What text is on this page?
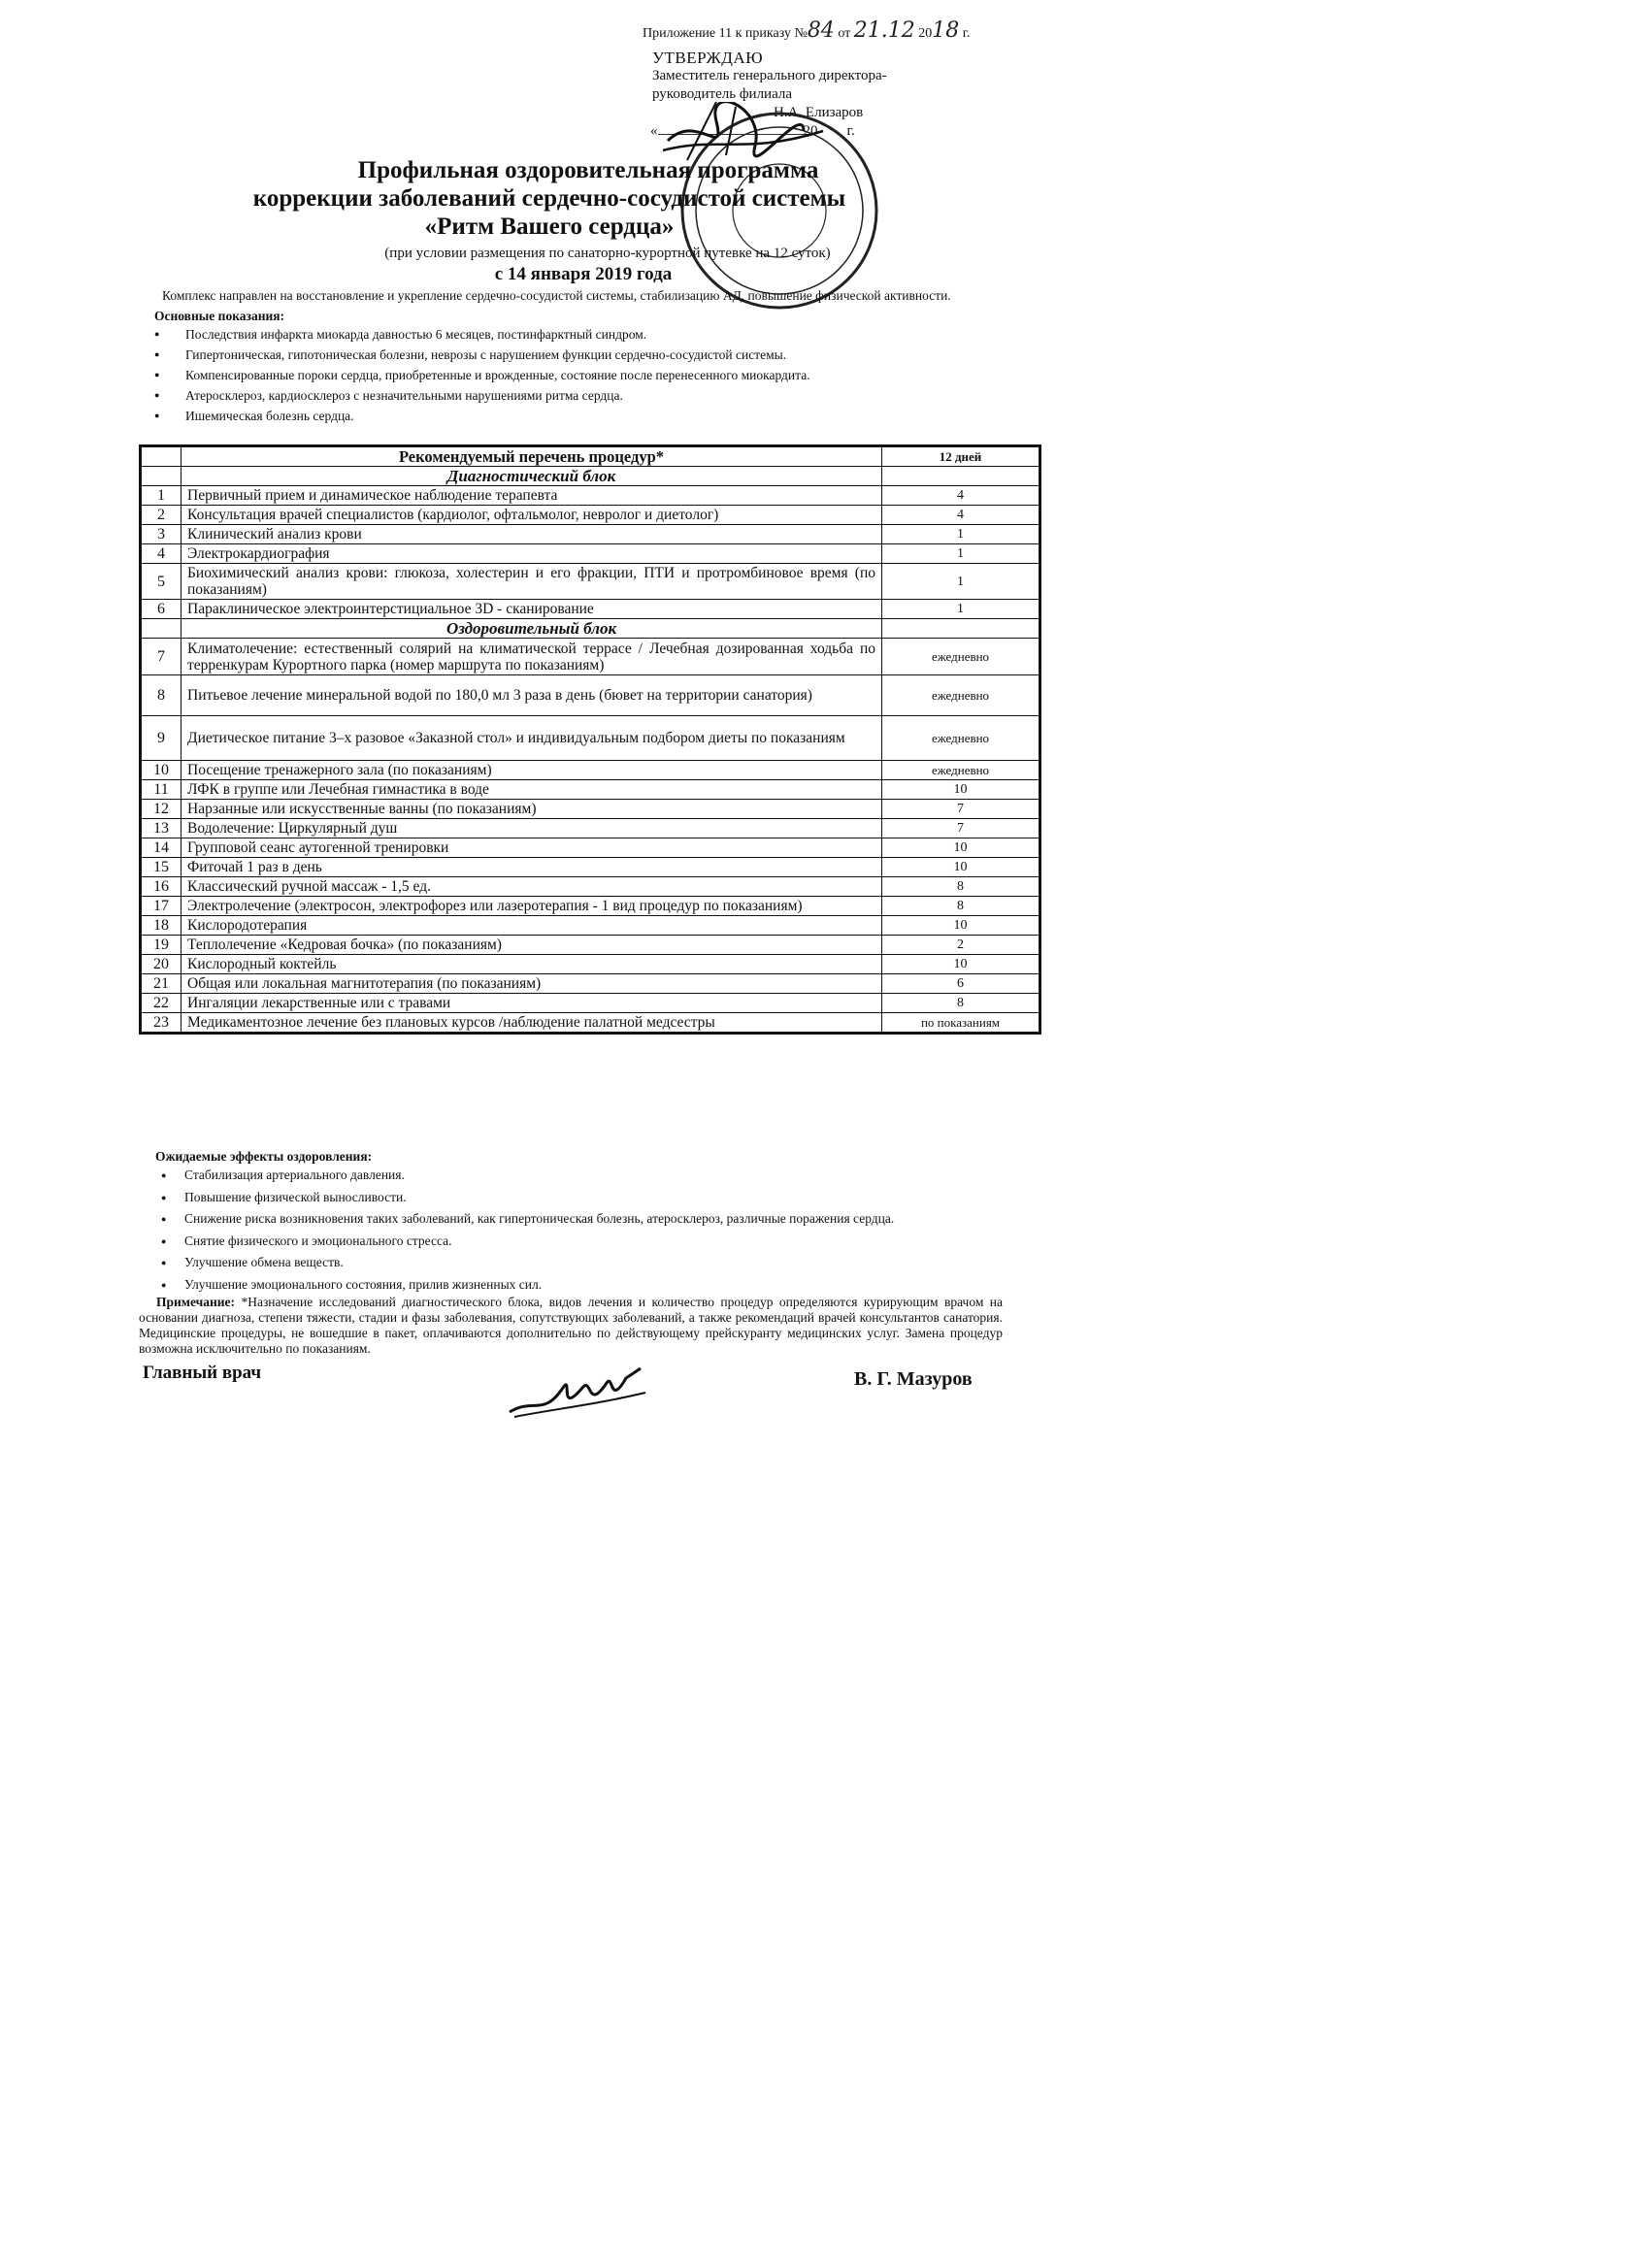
Приложение 11 к приказу №84 от 21.12 2018 г.
УТВЕРЖДАЮ
Заместитель генерального директора-
руководитель филиала
Н.А. Елизаров
«	20 г.
Профильная оздоровительная программа
коррекции заболеваний сердечно-сосудистой системы
«Ритм Вашего сердца»
(при условии размещения по санаторно-курортной путевке на 12 суток)
с 14 января 2019 года
Комплекс направлен на восстановление и укрепление сердечно-сосудистой системы, стабилизацию АД, повышение физической активности.
Основные показания:
● Последствия инфаркта миокарда давностью 6 месяцев, постинфарктный синдром.
● Гипертоническая, гипотоническая болезни, неврозы с нарушением функции сердечно-сосудистой системы.
● Компенсированные пороки сердца, приобретенные и врожденные, состояние после перенесенного миокардита.
● Атеросклероз, кардиосклероз с незначительными нарушениями ритма сердца.
● Ишемическая болезнь сердца.
	Рекомендуемый перечень процедур*	12 дней
	Диагностический блок	
1	Первичный прием и динамическое наблюдение терапевта	4
2	Консультация врачей специалистов (кардиолог, офтальмолог, невролог и диетолог)	4
3	Клинический анализ крови	1
4	Электрокардиография	1
5	Биохимический анализ крови: глюкоза, холестерин и его фракции, ПТИ и протромбиновое время (по показаниям)	1
6	Параклиническое электроинтерстициальное 3D - сканирование	1
	Оздоровительный блок	
7	Климатолечение: естественный солярий на климатической террасе / Лечебная дозированная ходьба по терренкурам Курортного парка (номер маршрута по показаниям)	ежедневно
8	Питьевое лечение минеральной водой по 180,0 мл 3 раза в день (бювет на территории санатория)	ежедневно
9	Диетическое питание 3–х разовое «Заказной стол» и индивидуальным подбором диеты по показаниям	ежедневно
10	Посещение тренажерного зала (по показаниям)	ежедневно
11	ЛФК в группе или Лечебная гимнастика в воде	10
12	Нарзанные или искусственные ванны (по показаниям)	7
13	Водолечение: Циркулярный душ	7
14	Групповой сеанс аутогенной тренировки	10
15	Фиточай 1 раз в день	10
16	Классический ручной массаж - 1,5 ед.	8
17	Электролечение (электросон, электрофорез или лазеротерапия - 1 вид процедур по показаниям)	8
18	Кислородотерапия	10
19	Теплолечение «Кедровая бочка» (по показаниям)	2
20	Кислородный коктейль	10
21	Общая или локальная магнитотерапия (по показаниям)	6
22	Ингаляции лекарственные или с травами	8
23	Медикаментозное лечение без плановых курсов /наблюдение палатной медсестры	по показаниям
Ожидаемые эффекты оздоровления:
● Стабилизация артериального давления.
● Повышение физической выносливости.
● Снижение риска возникновения таких заболеваний, как гипертоническая болезнь, атеросклероз, различные поражения сердца.
● Снятие физического и эмоционального стресса.
● Улучшение обмена веществ.
● Улучшение эмоционального состояния, прилив жизненных сил.
Примечание: *Назначение исследований диагностического блока, видов лечения и количество процедур определяются курирующим врачом на основании диагноза, степени тяжести, стадии и фазы заболевания, сопутствующих заболеваний, а также рекомендаций врачей консультантов санатория. Медицинские процедуры, не вошедшие в пакет, оплачиваются дополнительно по действующему прейскуранту медицинских услуг. Замена процедур возможна исключительно по показаниям.
Главный врач	В. Г. Мазуров
